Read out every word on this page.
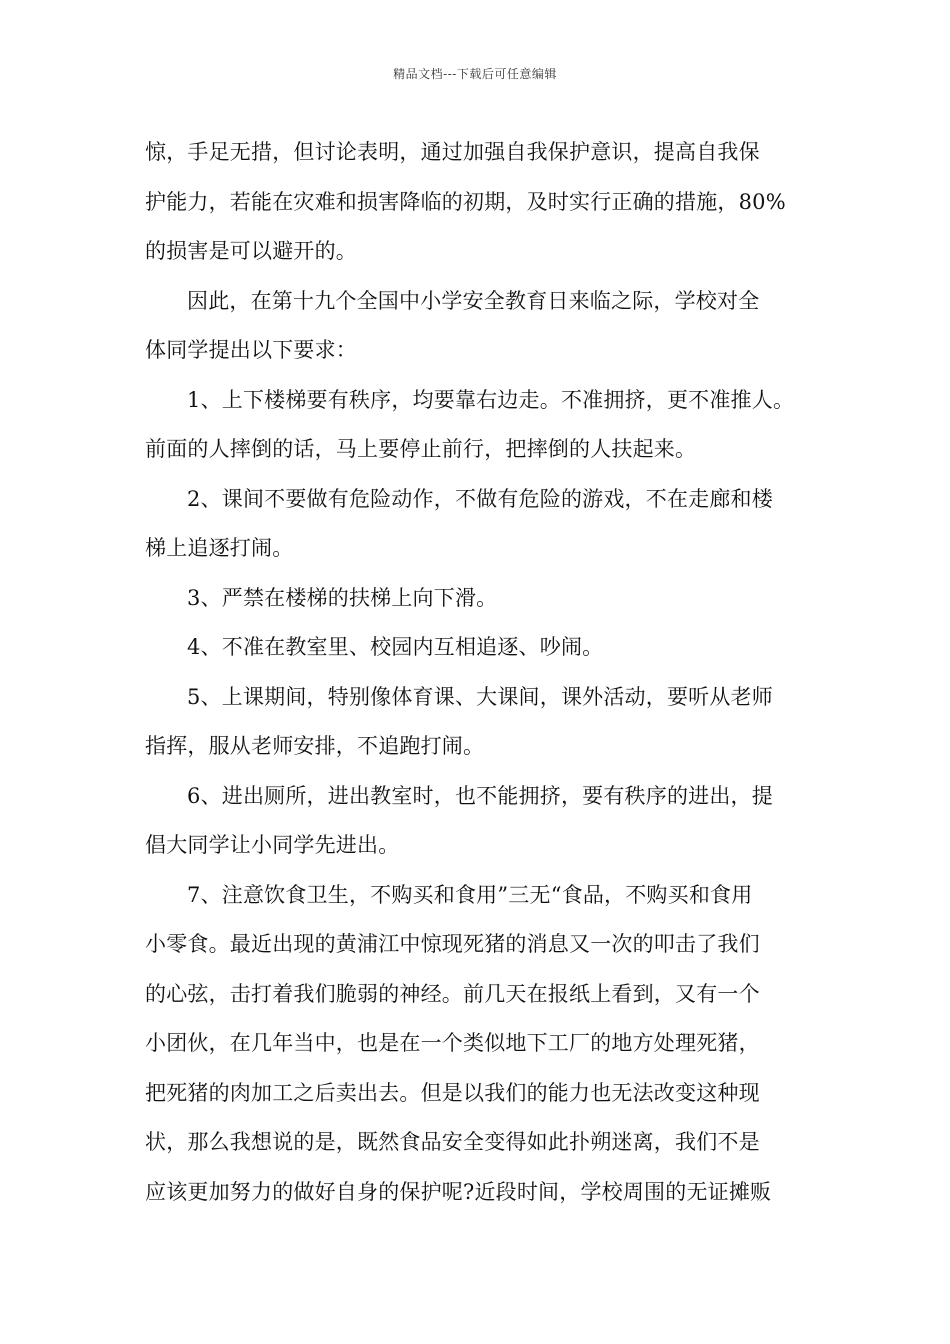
精品文档---下载后可任意编辑
惊，手足无措，但讨论表明，通过加强自我保护意识，提高自我保
护能力，若能在灾难和损害降临的初期，及时实行正确的措施，80%
的损害是可以避开的。
因此，在第十九个全国中小学安全教育日来临之际，学校对全
体同学提出以下要求：
1、上下楼梯要有秩序，均要靠右边走。不准拥挤，更不准推人。
前面的人摔倒的话，马上要停止前行，把摔倒的人扶起来。
2、课间不要做有危险动作，不做有危险的游戏，不在走廊和楼
梯上追逐打闹。
3、严禁在楼梯的扶梯上向下滑。
4、不准在教室里、校园内互相追逐、吵闹。
5、上课期间，特别像体育课、大课间，课外活动，要听从老师
指挥，服从老师安排，不追跑打闹。
6、进出厕所，进出教室时，也不能拥挤，要有秩序的进出，提
倡大同学让小同学先进出。
7、注意饮食卫生，不购买和食用”三无“食品，不购买和食用
小零食。最近出现的黄浦江中惊现死猪的消息又一次的叩击了我们
的心弦，击打着我们脆弱的神经。前几天在报纸上看到，又有一个
小团伙，在几年当中，也是在一个类似地下工厂的地方处理死猪，
把死猪的肉加工之后卖出去。但是以我们的能力也无法改变这种现
状，那么我想说的是，既然食品安全变得如此扑朔迷离，我们不是
应该更加努力的做好自身的保护呢?近段时间，学校周围的无证摊贩
